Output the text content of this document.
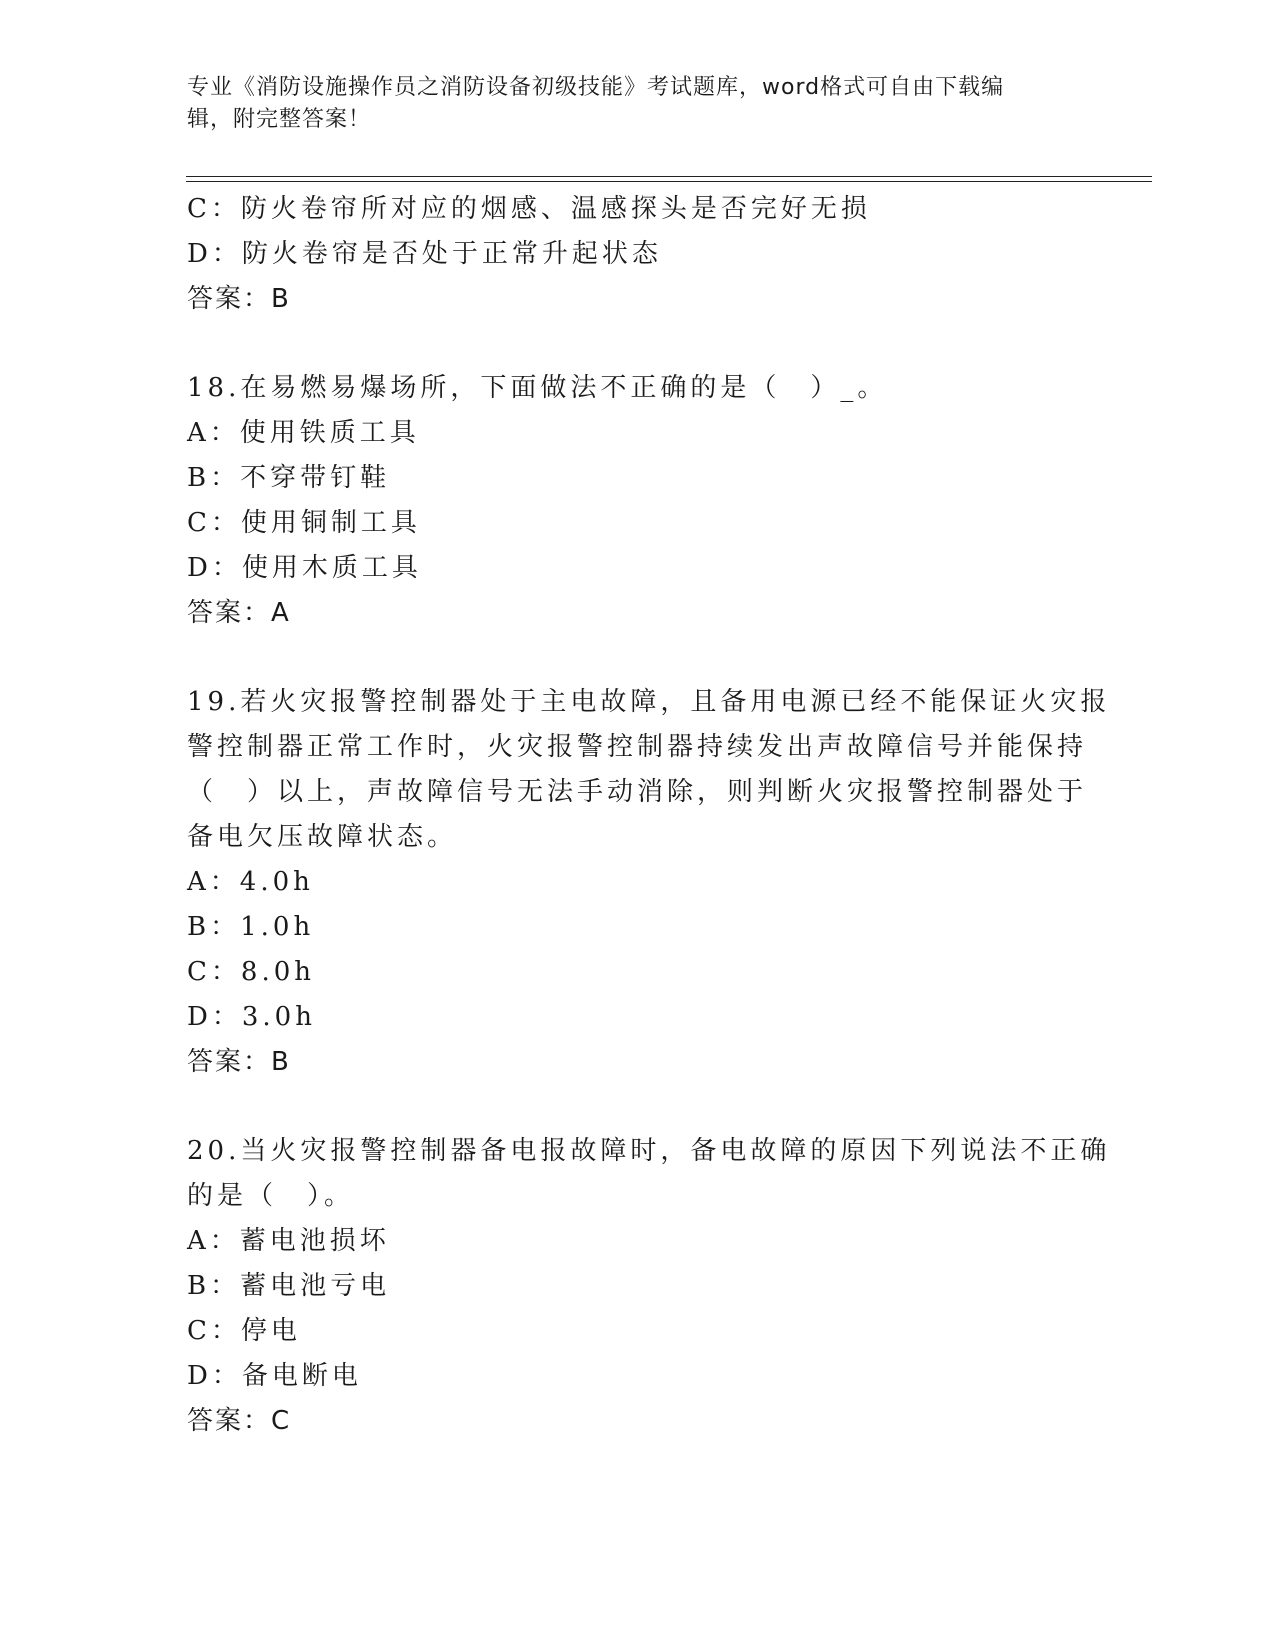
专业《消防设施操作员之消防设备初级技能》考试题库，word格式可自由下载编
辑，附完整答案！
C：防火卷帘所对应的烟感、温感探头是否完好无损
D：防火卷帘是否处于正常升起状态
答案：B
18.在易燃易爆场所，下面做法不正确的是（　）_。
A：使用铁质工具
B：不穿带钉鞋
C：使用铜制工具
D：使用木质工具
答案：A
19.若火灾报警控制器处于主电故障，且备用电源已经不能保证火灾报
警控制器正常工作时，火灾报警控制器持续发出声故障信号并能保持
（　）以上，声故障信号无法手动消除，则判断火灾报警控制器处于
备电欠压故障状态。
A：4.0h
B：1.0h
C：8.0h
D：3.0h
答案：B
20.当火灾报警控制器备电报故障时，备电故障的原因下列说法不正确
的是（　）。
A：蓄电池损坏
B：蓄电池亏电
C：停电
D：备电断电
答案：C
